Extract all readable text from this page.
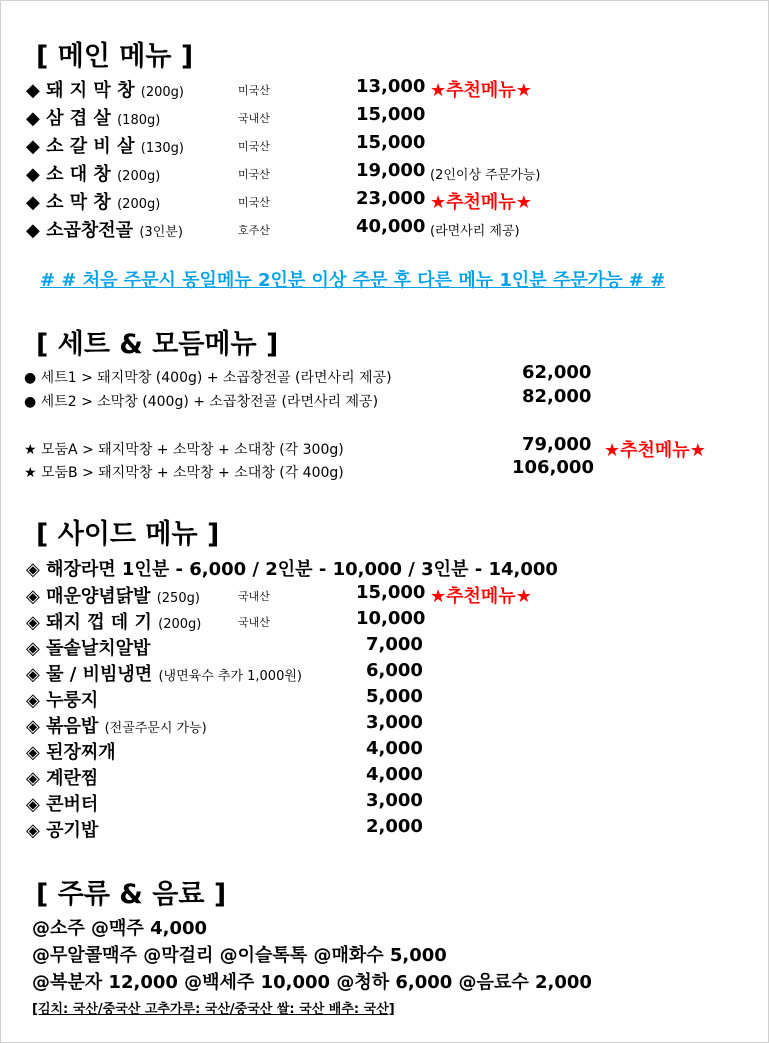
[ 메인 메뉴 ]
◆ 돼 지 막 창 (200g)	미국산	13,000 ★추천메뉴★
◆ 삼 겹 살 (180g)	국내산	15,000
◆ 소 갈 비 살 (130g)	미국산	15,000
◆ 소 대 창 (200g)	미국산	19,000 (2인이상 주문가능)
◆ 소 막 창 (200g)	미국산	23,000 ★추천메뉴★
◆ 소곱창전골 (3인분)	호주산	40,000 (라면사리 제공)
# # 처음 주문시 동일메뉴 2인분 이상 주문 후 다른 메뉴 1인분 주문가능 # #
[ 세트 & 모듬메뉴 ]
● 세트1 > 돼지막창 (400g) + 소곱창전골 (라면사리 제공)	62,000
● 세트2 > 소막창 (400g) + 소곱창전골 (라면사리 제공)	82,000
★ 모둠A > 돼지막창 + 소막창 + 소대창 (각 300g)	79,000 ★추천메뉴★
★ 모둠B > 돼지막창 + 소막창 + 소대창 (각 400g)	106,000
[ 사이드 메뉴 ]
◈ 해장라면 1인분 - 6,000 / 2인분 - 10,000 / 3인분 - 14,000
◈ 매운양념닭발 (250g)	국내산	15,000 ★추천메뉴★
◈ 돼지 껍 데 기 (200g)	국내산	10,000
◈ 돌솥날치알밥	7,000
◈ 물 / 비빔냉면 (냉면육수 추가 1,000원)	6,000
◈ 누룽지	5,000
◈ 볶음밥 (전골주문시 가능)	3,000
◈ 된장찌개	4,000
◈ 계란찜	4,000
◈ 콘버터	3,000
◈ 공기밥	2,000
[ 주류 & 음료 ]
@소주 @맥주 4,000
@무알콜맥주 @막걸리 @이슬톡톡 @매화수 5,000
@복분자 12,000 @백세주 10,000 @청하 6,000 @음료수 2,000
[김치: 국산/중국산 고추가루: 국산/중국산 쌀: 국산 배추: 국산]
